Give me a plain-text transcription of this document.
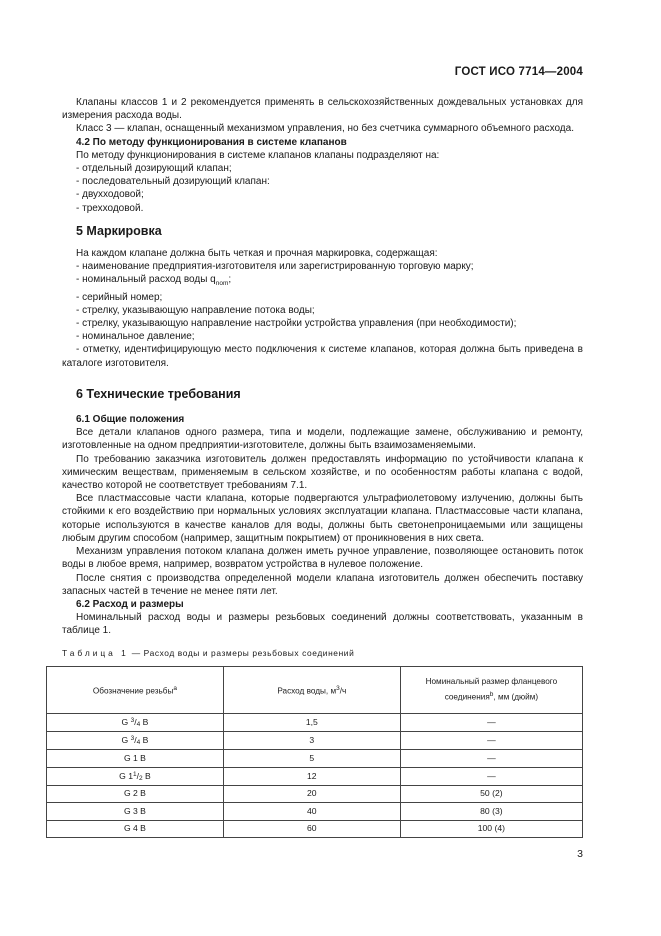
ГОСТ ИСО 7714—2004

Клапаны классов 1 и 2 рекомендуется применять в сельскохозяйственных дождевальных установках для измерения расхода воды.

Класс 3 — клапан, оснащенный механизмом управления, но без счетчика суммарного объемного расхода.

4.2 По методу функционирования в системе клапанов

По методу функционирования в системе клапанов клапаны подразделяют на:

- отдельный дозирующий клапан;

- последовательный дозирующий клапан:

- двухходовой;

- трехходовой.

5 Маркировка

На каждом клапане должна быть четкая и прочная маркировка, содержащая:

- наименование предприятия-изготовителя или зарегистрированную торговую марку;

- номинальный расход воды $q_{nom}$;

- серийный номер;

- стрелку, указывающую направление потока воды;

- стрелку, указывающую направление настройки устройства управления (при необходимости);

- номинальное давление;

- отметку, идентифицирующую место подключения к системе клапанов, которая должна быть приведена в каталоге изготовителя.

6 Технические требования

6.1 Общие положения

Все детали клапанов одного размера, типа и модели, подлежащие замене, обслуживанию и ремонту, изготовленные на одном предприятии-изготовителе, должны быть взаимозаменяемыми.

По требованию заказчика изготовитель должен предоставлять информацию по устойчивости клапана к химическим веществам, применяемым в сельском хозяйстве, и по особенностям работы клапана с водой, качество которой не соответствует требованиям 7.1.

Все пластмассовые части клапана, которые подвергаются ультрафиолетовому излучению, должны быть стойкими к его воздействию при нормальных условиях эксплуатации клапана. Пластмассовые части клапана, которые используются в качестве каналов для воды, должны быть светонепроницаемыми или защищены любым другим способом (например, защитным покрытием) от проникновения в них света.

Механизм управления потоком клапана должен иметь ручное управление, позволяющее остановить поток воды в любое время, например, возвратом устройства в нулевое положение.

После снятия с производства определенной модели клапана изготовитель должен обеспечить поставку запасных частей в течение не менее пяти лет.

6.2 Расход и размеры

Номинальный расход воды и размеры резьбовых соединений должны соответствовать, указанным в таблице 1.

Таблица 1 — Расход воды и размеры резьбовых соединений
Обозначение резьбы$^a$	Расход воды, $м^3/ч$	Номинальный размер фланцевого
соединения$^b$, мм (дюйм)
G $^3/_4$ B	1,5	—
G $^3/_4$ B	3	—
G 1 B	5	—
G $1^1/_2$ B	12	—
G 2 B	20	50 (2)
G 3 B	40	80 (3)
G 4 B	60	100 (4)
3
